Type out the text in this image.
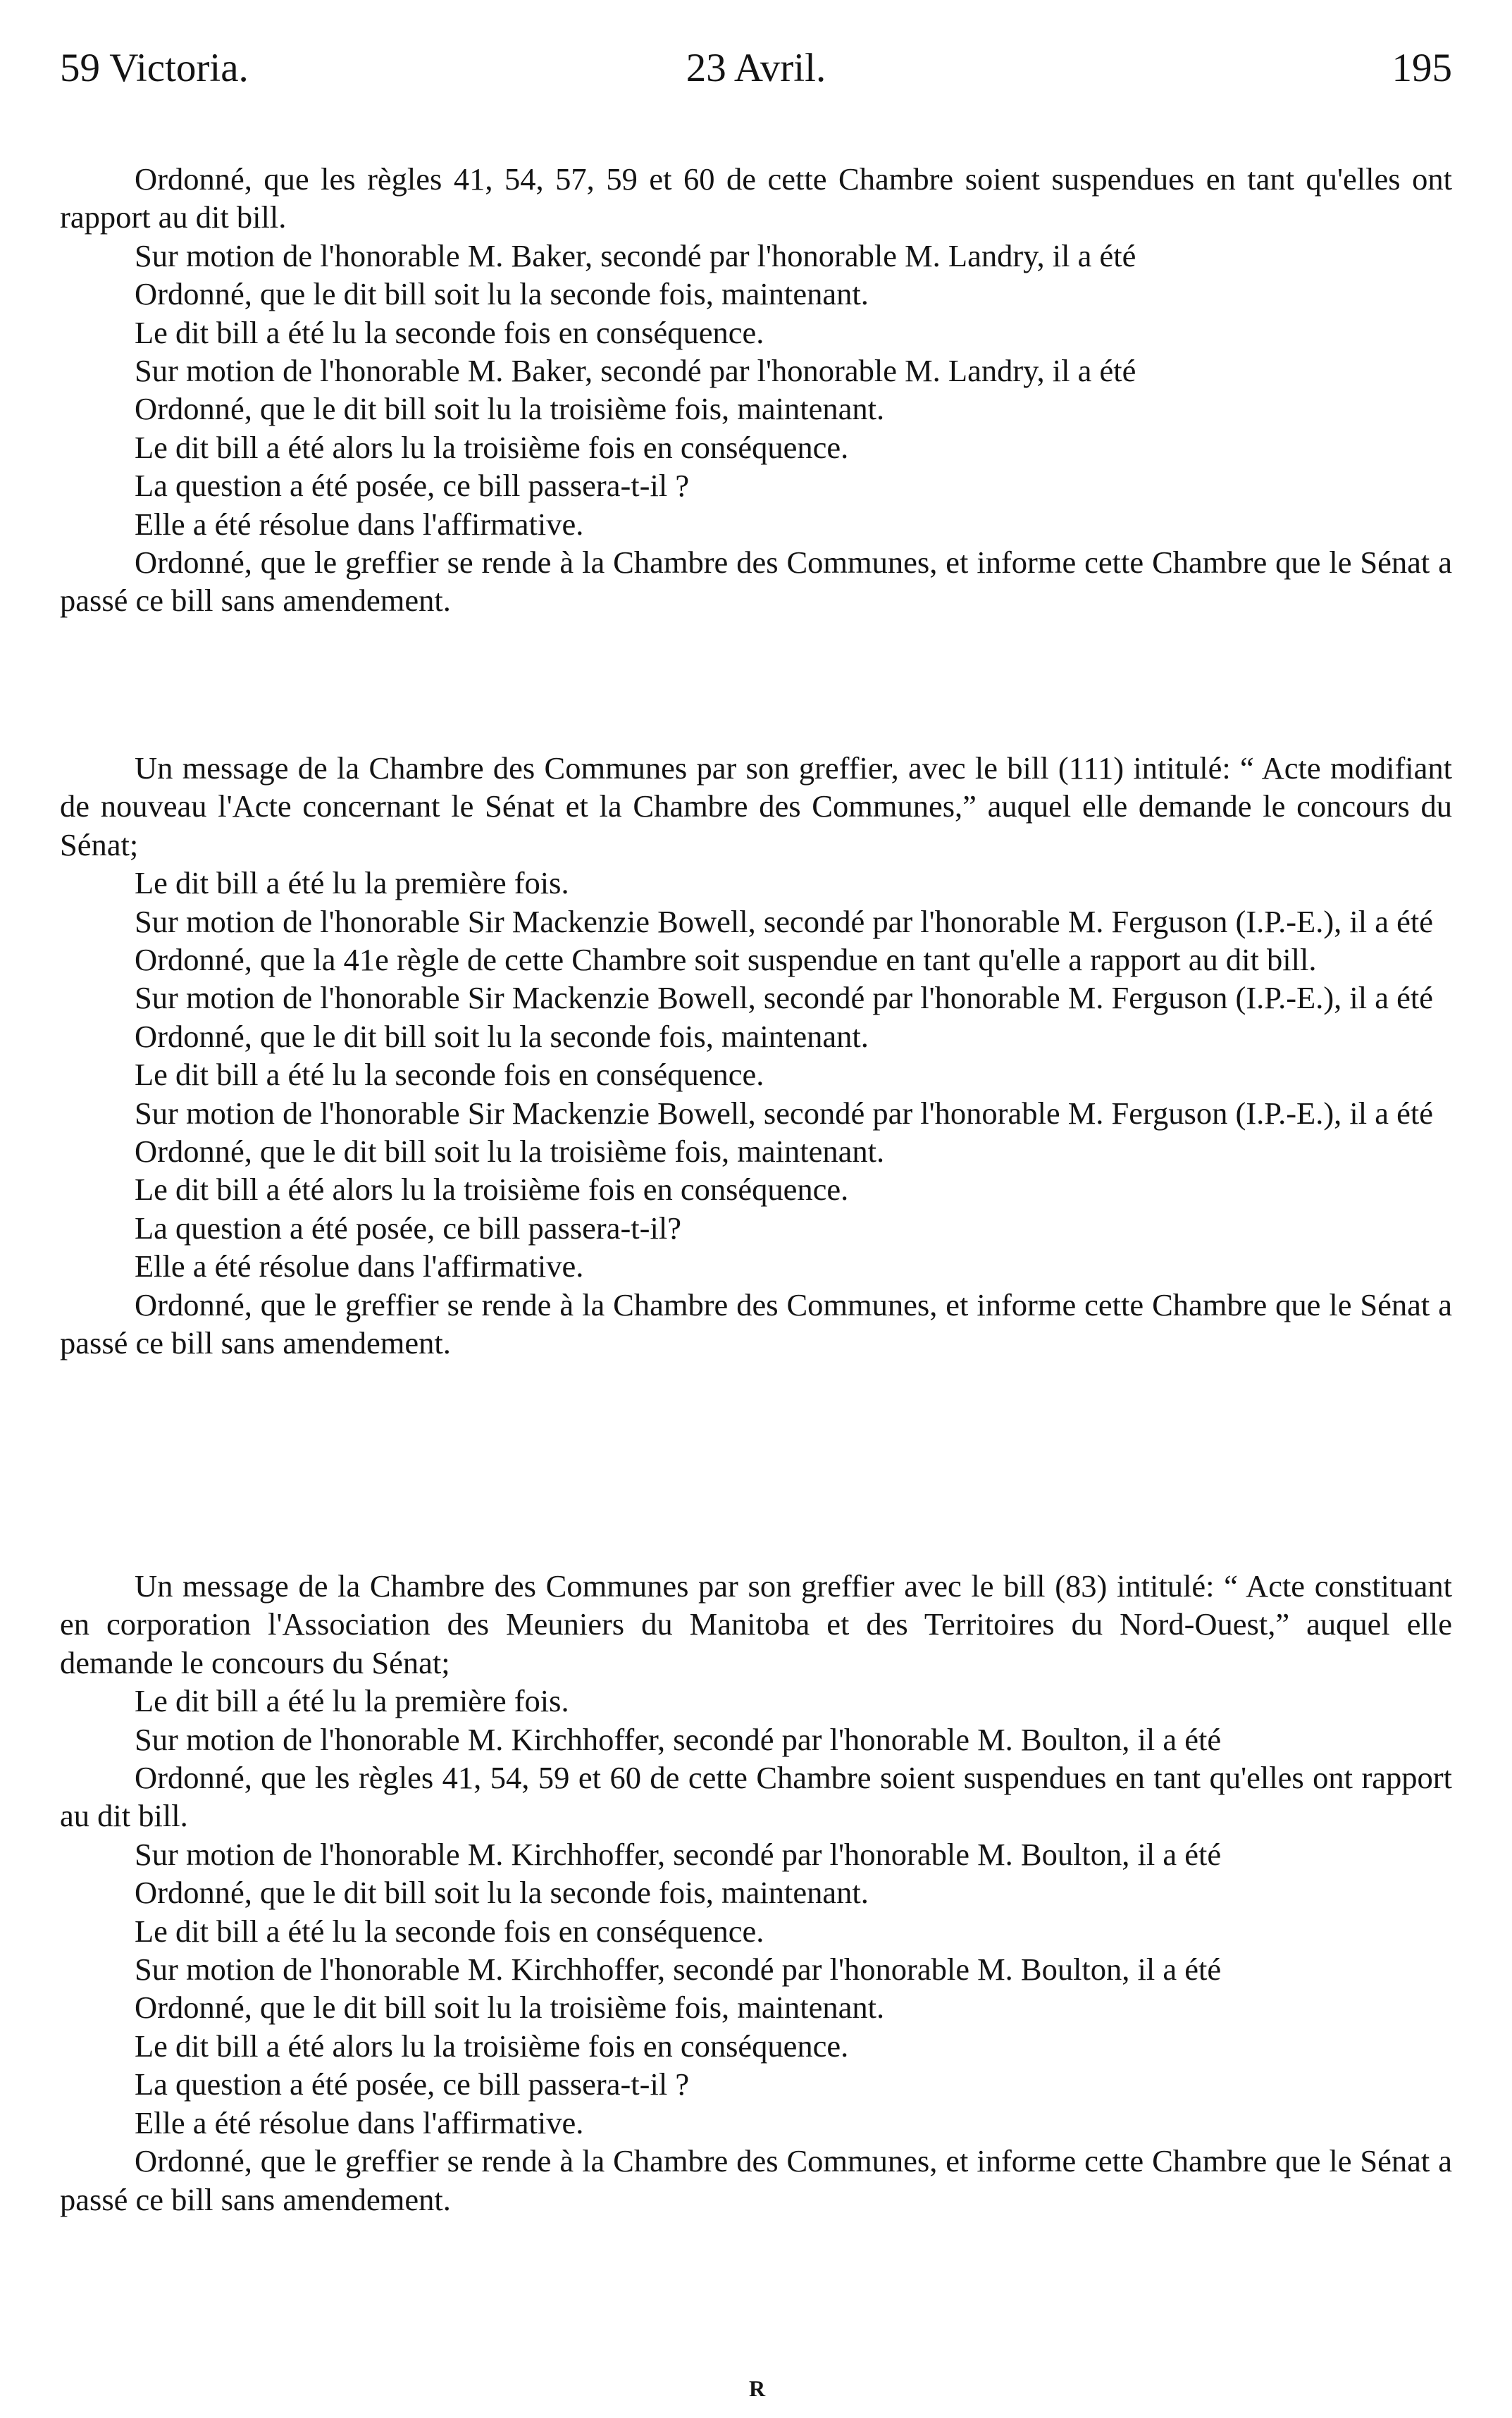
59 Victoria.	23 Avril.	195

Ordonné, que les règles 41, 54, 57, 59 et 60 de cette Chambre soient suspendues en tant qu'elles ont rapport au dit bill.

Sur motion de l'honorable M. Baker, secondé par l'honorable M. Landry, il a été

Ordonné, que le dit bill soit lu la seconde fois, maintenant.

Le dit bill a été lu la seconde fois en conséquence.

Sur motion de l'honorable M. Baker, secondé par l'honorable M. Landry, il a été

Ordonné, que le dit bill soit lu la troisième fois, maintenant.

Le dit bill a été alors lu la troisième fois en conséquence.

La question a été posée, ce bill passera-t-il ?

Elle a été résolue dans l'affirmative.

Ordonné, que le greffier se rende à la Chambre des Communes, et informe cette Chambre que le Sénat a passé ce bill sans amendement.

Un message de la Chambre des Communes par son greffier, avec le bill (111) intitulé: “ Acte modifiant de nouveau l'Acte concernant le Sénat et la Chambre des Communes,” auquel elle demande le concours du Sénat;

Le dit bill a été lu la première fois.

Sur motion de l'honorable Sir Mackenzie Bowell, secondé par l'honorable M. Ferguson (I.P.-E.), il a été

Ordonné, que la 41e règle de cette Chambre soit suspendue en tant qu'elle a rapport au dit bill.

Sur motion de l'honorable Sir Mackenzie Bowell, secondé par l'honorable M. Ferguson (I.P.-E.), il a été

Ordonné, que le dit bill soit lu la seconde fois, maintenant.

Le dit bill a été lu la seconde fois en conséquence.

Sur motion de l'honorable Sir Mackenzie Bowell, secondé par l'honorable M. Ferguson (I.P.-E.), il a été

Ordonné, que le dit bill soit lu la troisième fois, maintenant.

Le dit bill a été alors lu la troisième fois en conséquence.

La question a été posée, ce bill passera-t-il?

Elle a été résolue dans l'affirmative.

Ordonné, que le greffier se rende à la Chambre des Communes, et informe cette Chambre que le Sénat a passé ce bill sans amendement.

Un message de la Chambre des Communes par son greffier avec le bill (83) intitulé: “ Acte constituant en corporation l'Association des Meuniers du Manitoba et des Territoires du Nord-Ouest,” auquel elle demande le concours du Sénat;

Le dit bill a été lu la première fois.

Sur motion de l'honorable M. Kirchhoffer, secondé par l'honorable M. Boulton, il a été

Ordonné, que les règles 41, 54, 59 et 60 de cette Chambre soient suspendues en tant qu'elles ont rapport au dit bill.

Sur motion de l'honorable M. Kirchhoffer, secondé par l'honorable M. Boulton, il a été

Ordonné, que le dit bill soit lu la seconde fois, maintenant.

Le dit bill a été lu la seconde fois en conséquence.

Sur motion de l'honorable M. Kirchhoffer, secondé par l'honorable M. Boulton, il a été

Ordonné, que le dit bill soit lu la troisième fois, maintenant.

Le dit bill a été alors lu la troisième fois en conséquence.

La question a été posée, ce bill passera-t-il ?

Elle a été résolue dans l'affirmative.

Ordonné, que le greffier se rende à la Chambre des Communes, et informe cette Chambre que le Sénat a passé ce bill sans amendement.

R
